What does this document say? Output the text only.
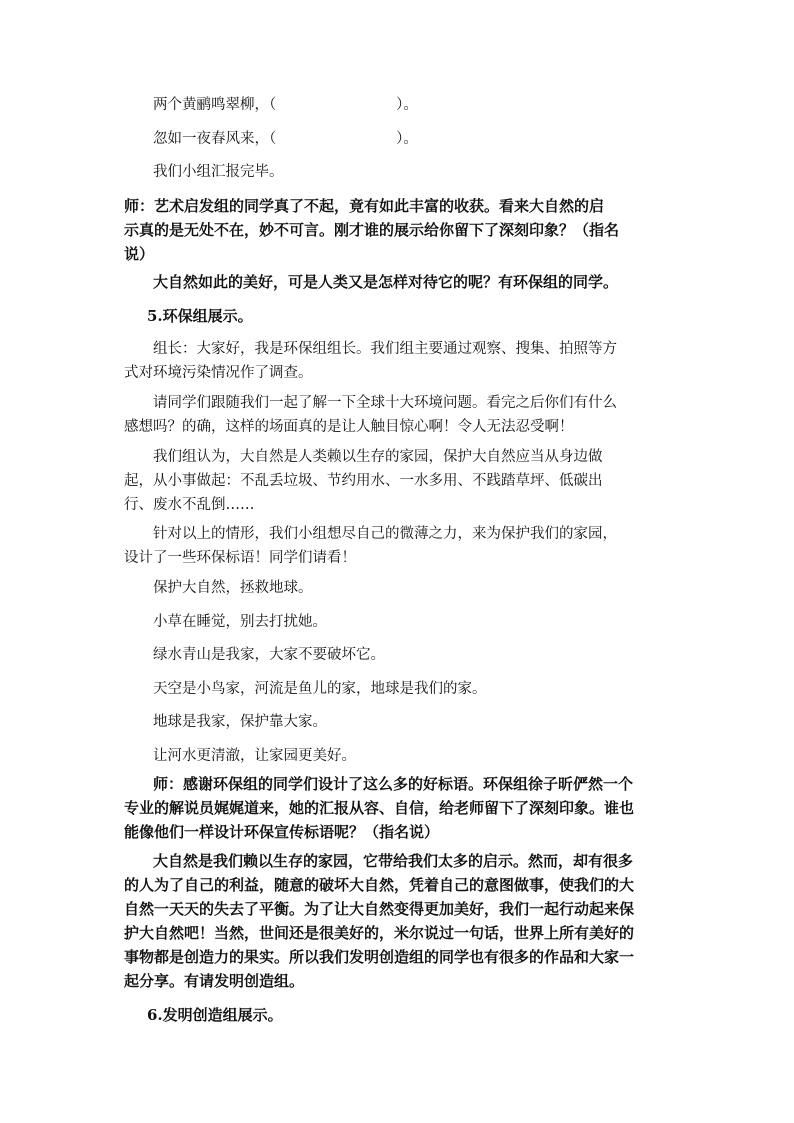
两个黄鹂鸣翠柳，（                          ）。
忽如一夜春风来，（                          ）。
我们小组汇报完毕。
师：艺术启发组的同学真了不起，竟有如此丰富的收获。看来大自然的启
示真的是无处不在，妙不可言。刚才谁的展示给你留下了深刻印象？（指名
说）
大自然如此的美好，可是人类又是怎样对待它的呢？有环保组的同学。
5.环保组展示。
组长：大家好，我是环保组组长。我们组主要通过观察、搜集、拍照等方
式对环境污染情况作了调查。
请同学们跟随我们一起了解一下全球十大环境问题。看完之后你们有什么
感想吗？的确，这样的场面真的是让人触目惊心啊！令人无法忍受啊！
我们组认为，大自然是人类赖以生存的家园，保护大自然应当从身边做
起，从小事做起：不乱丢垃圾、节约用水、一水多用、不践踏草坪、低碳出
行、废水不乱倒……
针对以上的情形，我们小组想尽自己的微薄之力，来为保护我们的家园，
设计了一些环保标语！同学们请看！
保护大自然，拯救地球。
小草在睡觉，别去打扰她。
绿水青山是我家，大家不要破坏它。
天空是小鸟家，河流是鱼儿的家，地球是我们的家。
地球是我家，保护靠大家。
让河水更清澈，让家园更美好。
师：感谢环保组的同学们设计了这么多的好标语。环保组徐子昕俨然一个
专业的解说员娓娓道来，她的汇报从容、自信，给老师留下了深刻印象。谁也
能像他们一样设计环保宣传标语呢？（指名说）
大自然是我们赖以生存的家园，它带给我们太多的启示。然而，却有很多
的人为了自己的利益，随意的破坏大自然，凭着自己的意图做事，使我们的大
自然一天天的失去了平衡。为了让大自然变得更加美好，我们一起行动起来保
护大自然吧！当然，世间还是很美好的，米尔说过一句话，世界上所有美好的
事物都是创造力的果实。所以我们发明创造组的同学也有很多的作品和大家一
起分享。有请发明创造组。
6.发明创造组展示。
